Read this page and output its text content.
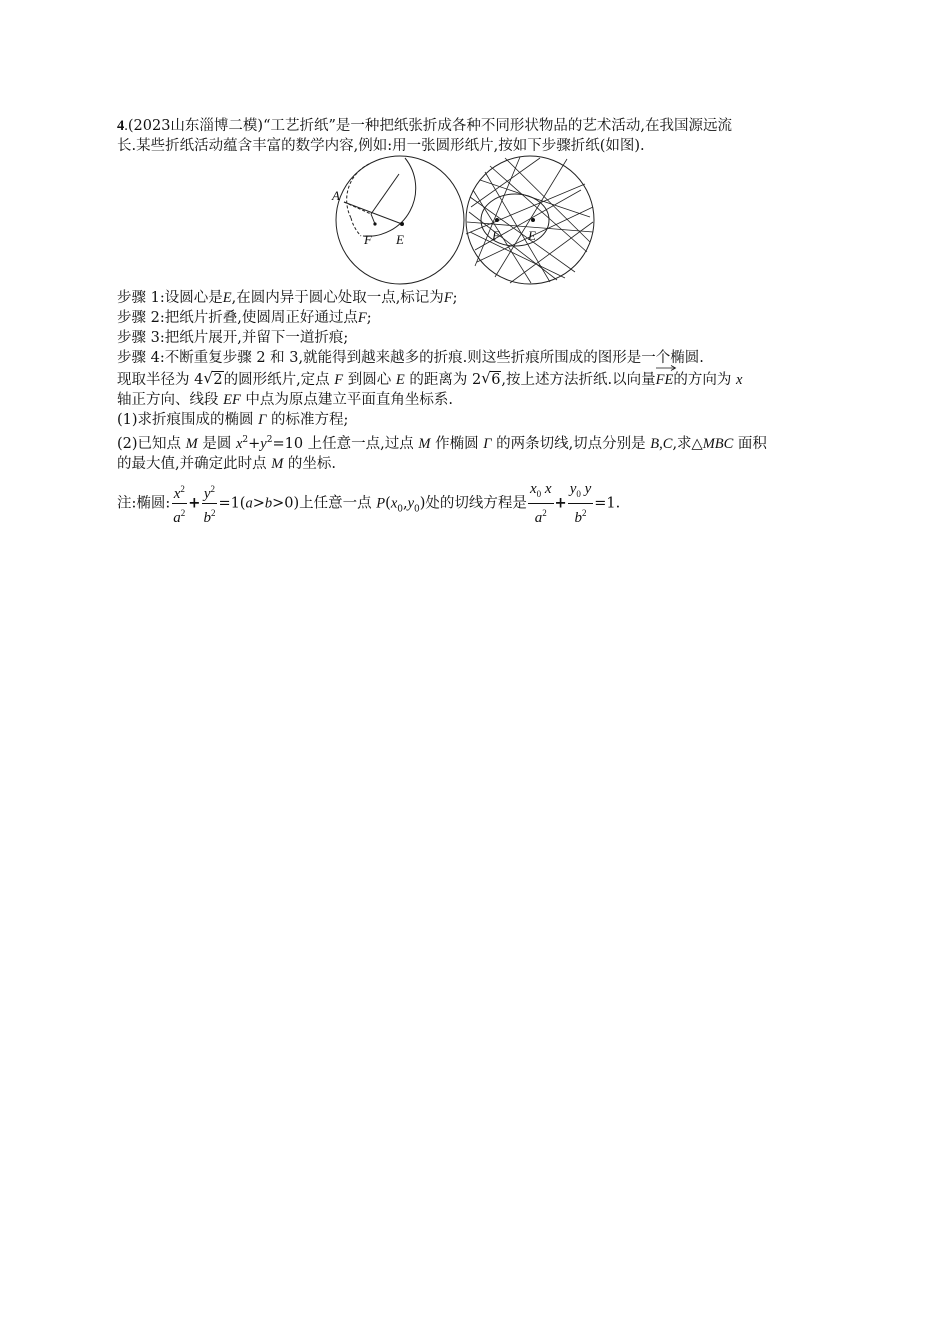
4.(2023山东淄博二模)“工艺折纸”是一种把纸张折成各种不同形状物品的艺术活动,在我国源远流
长.某些折纸活动蕴含丰富的数学内容,例如:用一张圆形纸片,按如下步骤折纸(如图).
A
F E	F E
步骤 1:设圆心是E,在圆内异于圆心处取一点,标记为F;
步骤 2:把纸片折叠,使圆周正好通过点F;
步骤 3:把纸片展开,并留下一道折痕;
步骤 4:不断重复步骤 2 和 3,就能得到越来越多的折痕.则这些折痕所围成的图形是一个椭圆.
现取半径为 4 √ 2的圆形纸片,定点 F 到圆心 E 的距离为 2 √ 6,按上述方法折纸.以向量
FE的方向为 x
轴正方向、线段 EF 中点为原点建立平面直角坐标系.
(1)求折痕围成的椭圆 Γ 的标准方程;
(2)已知点 M 是圆 $x^2+y^2=10$ 上任意一点,过点 M 作椭圆 Γ 的两条切线,切点分别是 B,C,求△MBC 面积
的最大值,并确定此时点 M 的坐标.
注:椭圆: $\frac{x^2}{a^2} + \frac{y^2}{b^2} =1(a>b>0)$上任意一点 $P(x_0,y_0)$处的切线方程是 $\frac{x_0 x}{a^2} + \frac{y_0 y}{b^2} =1$.
